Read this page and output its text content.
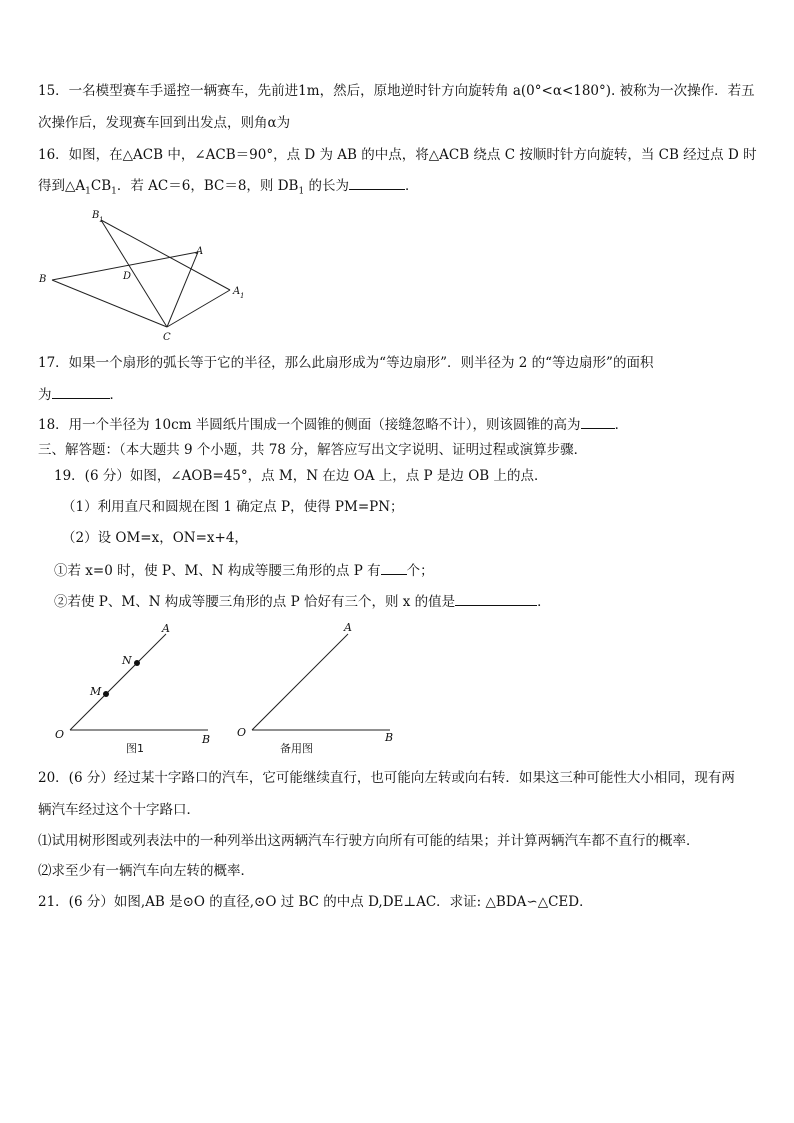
15．一名模型赛车手遥控一辆赛车，先前进1m，然后，原地逆时针方向旋转角 a(0°<α<180°). 被称为一次操作．若五
次操作后，发现赛车回到出发点，则角α为
16．如图，在△ACB 中，∠ACB＝90°，点 D 为 AB 的中点，将△ACB 绕点 C 按顺时针方向旋转，当 CB 经过点 D 时
得到$\triangle A_1CB_1$．若 AC＝6，BC＝8，则 $DB_1$ 的长为	．
B 1
A
B	D
A 1
C
17．如果一个扇形的弧长等于它的半径，那么此扇形成为“等边扇形”．则半径为 2 的“等边扇形”的面积
为	．
18．用一个半径为 10cm 半圆纸片围成一个圆锥的侧面（接缝忽略不计），则该圆锥的高为	．
三、解答题：（本大题共 9 个小题，共 78 分，解答应写出文字说明、证明过程或演算步骤．
19．(6 分）如图，∠AOB=45°，点 M，N 在边 OA 上，点 P 是边 OB 上的点．
（1）利用直尺和圆规在图 1 确定点 P，使得 PM=PN；
（2）设 OM=x，ON=x+4，
①若 x=0 时，使 P、M、N 构成等腰三角形的点 P 有 个；
②若使 P、M、N 构成等腰三角形的点 P 恰好有三个，则 x 的值是	．
A
N
M
O	B
图1
A
O	B
备用图
20．(6 分）经过某十字路口的汽车，它可能继续直行，也可能向左转或向右转．如果这三种可能性大小相同，现有两
辆汽车经过这个十字路口．
⑴试用树形图或列表法中的一种列举出这两辆汽车行驶方向所有可能的结果；并计算两辆汽车都不直行的概率．
⑵求至少有一辆汽车向左转的概率．
21．(6 分）如图,AB 是⊙O 的直径,⊙O 过 BC 的中点 D,DE⊥AC．求证: △BDA∽△CED．
